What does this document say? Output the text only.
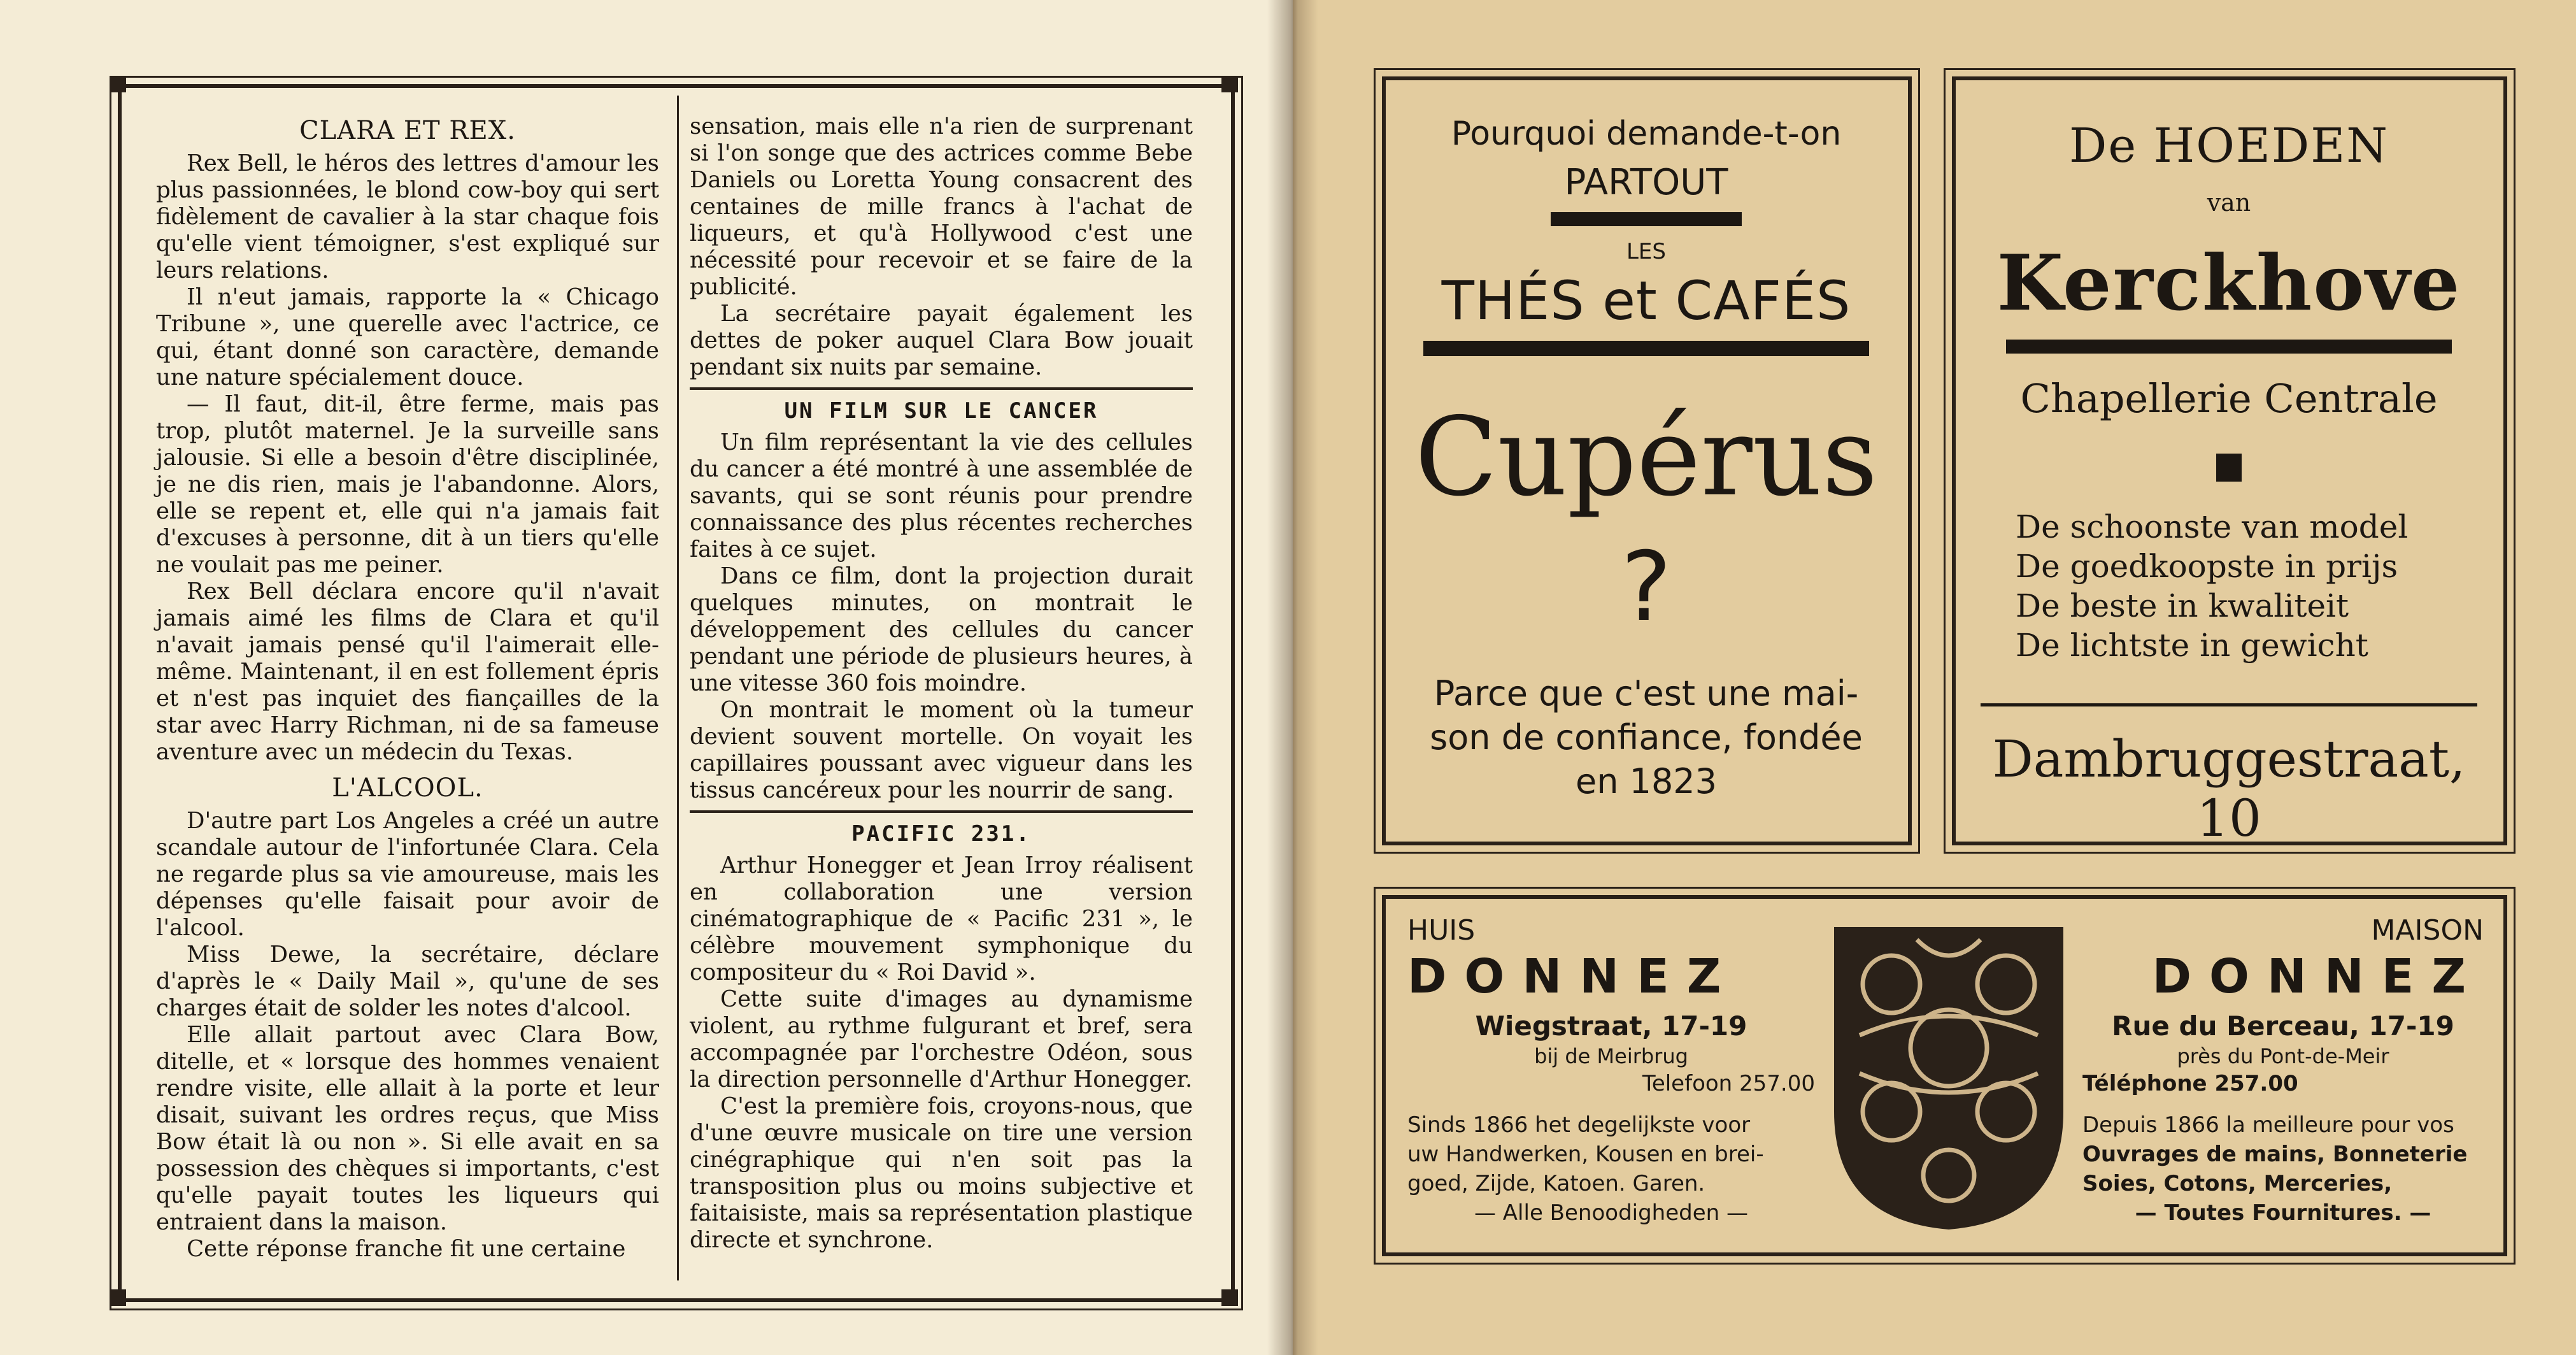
CLARA ET REX.

Rex Bell, le héros des lettres d'amour les plus passionnées, le blond cow-boy qui sert fidèlement de cavalier à la star chaque fois qu'elle vient témoigner, s'est expliqué sur leurs relations.

Il n'eut jamais, rapporte la « Chicago Tribune », une querelle avec l'actrice, ce qui, étant donné son caractère, demande une nature spécialement douce.

— Il faut, dit-il, être ferme, mais pas trop, plutôt maternel. Je la surveille sans jalousie. Si elle a besoin d'être disciplinée, je ne dis rien, mais je l'abandonne. Alors, elle se repent et, elle qui n'a jamais fait d'excuses à personne, dit à un tiers qu'elle ne voulait pas me peiner.

Rex Bell déclara encore qu'il n'avait jamais aimé les films de Clara et qu'il n'avait jamais pensé qu'il l'aimerait elle-même. Maintenant, il en est follement épris et n'est pas inquiet des fiançailles de la star avec Harry Richman, ni de sa fameuse aventure avec un médecin du Texas.

L'ALCOOL.

D'autre part Los Angeles a créé un autre scandale autour de l'infortunée Clara. Cela ne regarde plus sa vie amoureuse, mais les dépenses qu'elle faisait pour avoir de l'alcool.

Miss Dewe, la secrétaire, déclare d'après le « Daily Mail », qu'une de ses charges était de solder les notes d'alcool.

Elle allait partout avec Clara Bow, ditelle, et « lorsque des hommes venaient rendre visite, elle allait à la porte et leur disait, suivant les ordres reçus, que Miss Bow était là ou non ». Si elle avait en sa possession des chèques si importants, c'est qu'elle payait toutes les liqueurs qui entraient dans la maison.

Cette réponse franche fit une certaine

sensation, mais elle n'a rien de surprenant si l'on songe que des actrices comme Bebe Daniels ou Loretta Young consacrent des centaines de mille francs à l'achat de liqueurs, et qu'à Hollywood c'est une nécessité pour recevoir et se faire de la publicité.

La secrétaire payait également les dettes de poker auquel Clara Bow jouait pendant six nuits par semaine.

UN FILM SUR LE CANCER

Un film représentant la vie des cellules du cancer a été montré à une assemblée de savants, qui se sont réunis pour prendre connaissance des plus récentes recherches faites à ce sujet.

Dans ce film, dont la projection durait quelques minutes, on montrait le développement des cellules du cancer pendant une période de plusieurs heures, à une vitesse 360 fois moindre.

On montrait le moment où la tumeur devient souvent mortelle. On voyait les capillaires poussant avec vigueur dans les tissus cancéreux pour les nourrir de sang.

PACIFIC 231.

Arthur Honegger et Jean Irroy réalisent en collaboration une version cinématographique de « Pacific 231 », le célèbre mouvement symphonique du compositeur du « Roi David ».

Cette suite d'images au dynamisme violent, au rythme fulgurant et bref, sera accompagnée par l'orchestre Odéon, sous la direction personnelle d'Arthur Honegger.

C'est la première fois, croyons-nous, que d'une œuvre musicale on tire une version cinégraphique qui n'en soit pas la transposition plus ou moins subjective et faitaisiste, mais sa représentation plastique directe et synchrone.

Pourquoi demande-t-on
PARTOUT
LES
THÉS et CAFÉS
Cupérus
?
Parce que c'est une mai-
son de confiance, fondée
en 1823
De HOEDEN
van
Kerckhove
Chapellerie Centrale
De schoonste van model
De goedkoopste in prijs
De beste in kwaliteit
De lichtste in gewicht
Dambruggestraat, 10
HUIS
DONNEZ
Wiegstraat, 17-19
bij de Meirbrug
Telefoon 257.00
Sinds 1866 het degelijkste voor
uw Handwerken, Kousen en brei-
goed, Zijde, Katoen. Garen.
— Alle Benoodigheden —
MAISON
DONNEZ
Rue du Berceau, 17-19
près du Pont-de-Meir
Téléphone 257.00
Depuis 1866 la meilleure pour vos
Ouvrages de mains, Bonneterie
Soies, Cotons, Merceries,
— Toutes Fournitures. —
